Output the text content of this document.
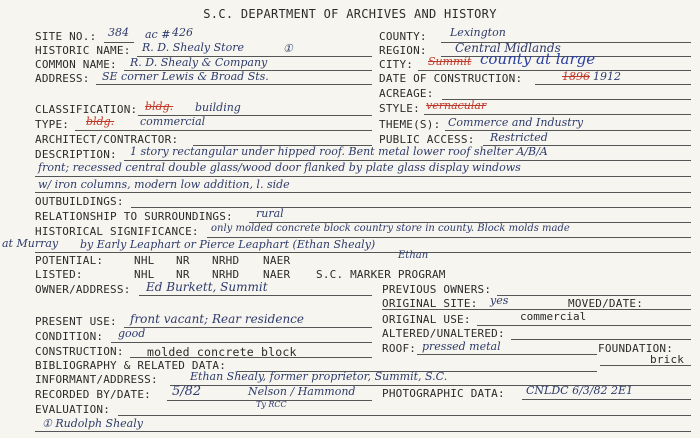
S.C. DEPARTMENT OF ARCHIVES AND HISTORY
COUNTY: Lexington
REGION: Central Midlands
CITY: Summit county at large
DATE OF CONSTRUCTION:	1896 1912
ACREAGE:
STYLE: vernacular
THEME(S): Commerce and Industry
PUBLIC ACCESS: Restricted
SITE NO.: 384 ac # 426
HISTORIC NAME: R. D. Shealy Store	①
COMMON NAME: R. D. Shealy & Company
ADDRESS: SE corner Lewis & Broad Sts.
CLASSIFICATION: bldg. building
TYPE: bldg. commercial
ARCHITECT/CONTRACTOR:
DESCRIPTION: 1 story rectangular under hipped roof. Bent metal lower roof shelter A/B/A
front; recessed central double glass/wood door flanked by plate glass display windows
w/ iron columns, modern low addition, l. side
OUTBUILDINGS:
RELATIONSHIP TO SURROUNDINGS: rural
HISTORICAL SIGNIFICANCE: only molded concrete block country store in county. Block molds made
at Murray by Early Leaphart or Pierce Leaphart (Ethan Shealy)
Ethan
POTENTIAL:	NHL NR NRHD NAER
LISTED:	NHL NR NRHD NAER S.C. MARKER PROGRAM
OWNER/ADDRESS: Ed Burkett, Summit	PREVIOUS OWNERS:
ORIGINAL SITE: yes	MOVED/DATE:
ORIGINAL USE:	commercial
ALTERED/UNALTERED:
ROOF: pressed metal	FOUNDATION:
brick
PRESENT USE: front vacant; Rear residence
CONDITION: good
CONSTRUCTION: molded concrete block
BIBLIOGRAPHY & RELATED DATA:
INFORMANT/ADDRESS:	Ethan Shealy, former proprietor, Summit, S.C.
RECORDED BY/DATE: 5/82	Nelson / Hammond
Ty RCC
PHOTOGRAPHIC DATA: CNLDC 6/3/82 2E1
EVALUATION:
① Rudolph Shealy
